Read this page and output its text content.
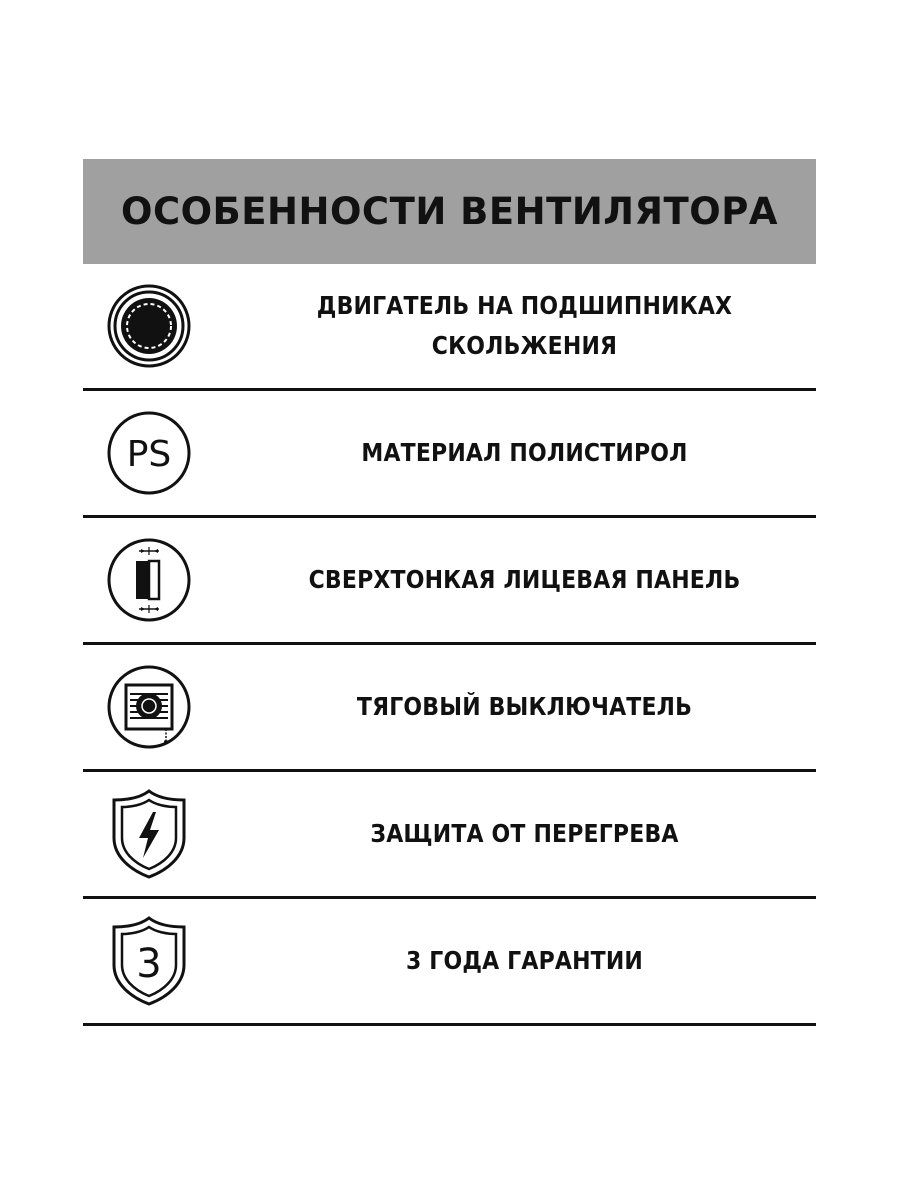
ОСОБЕННОСТИ ВЕНТИЛЯТОРА
ДВИГАТЕЛЬ НА ПОДШИПНИКАХ
СКОЛЬЖЕНИЯ
PS	МАТЕРИАЛ ПОЛИСТИРОЛ
СВЕРХТОНКАЯ ЛИЦЕВАЯ ПАНЕЛЬ
ТЯГОВЫЙ ВЫКЛЮЧАТЕЛЬ
ЗАЩИТА ОТ ПЕРЕГРЕВА
3	3 ГОДА ГАРАНТИИ
